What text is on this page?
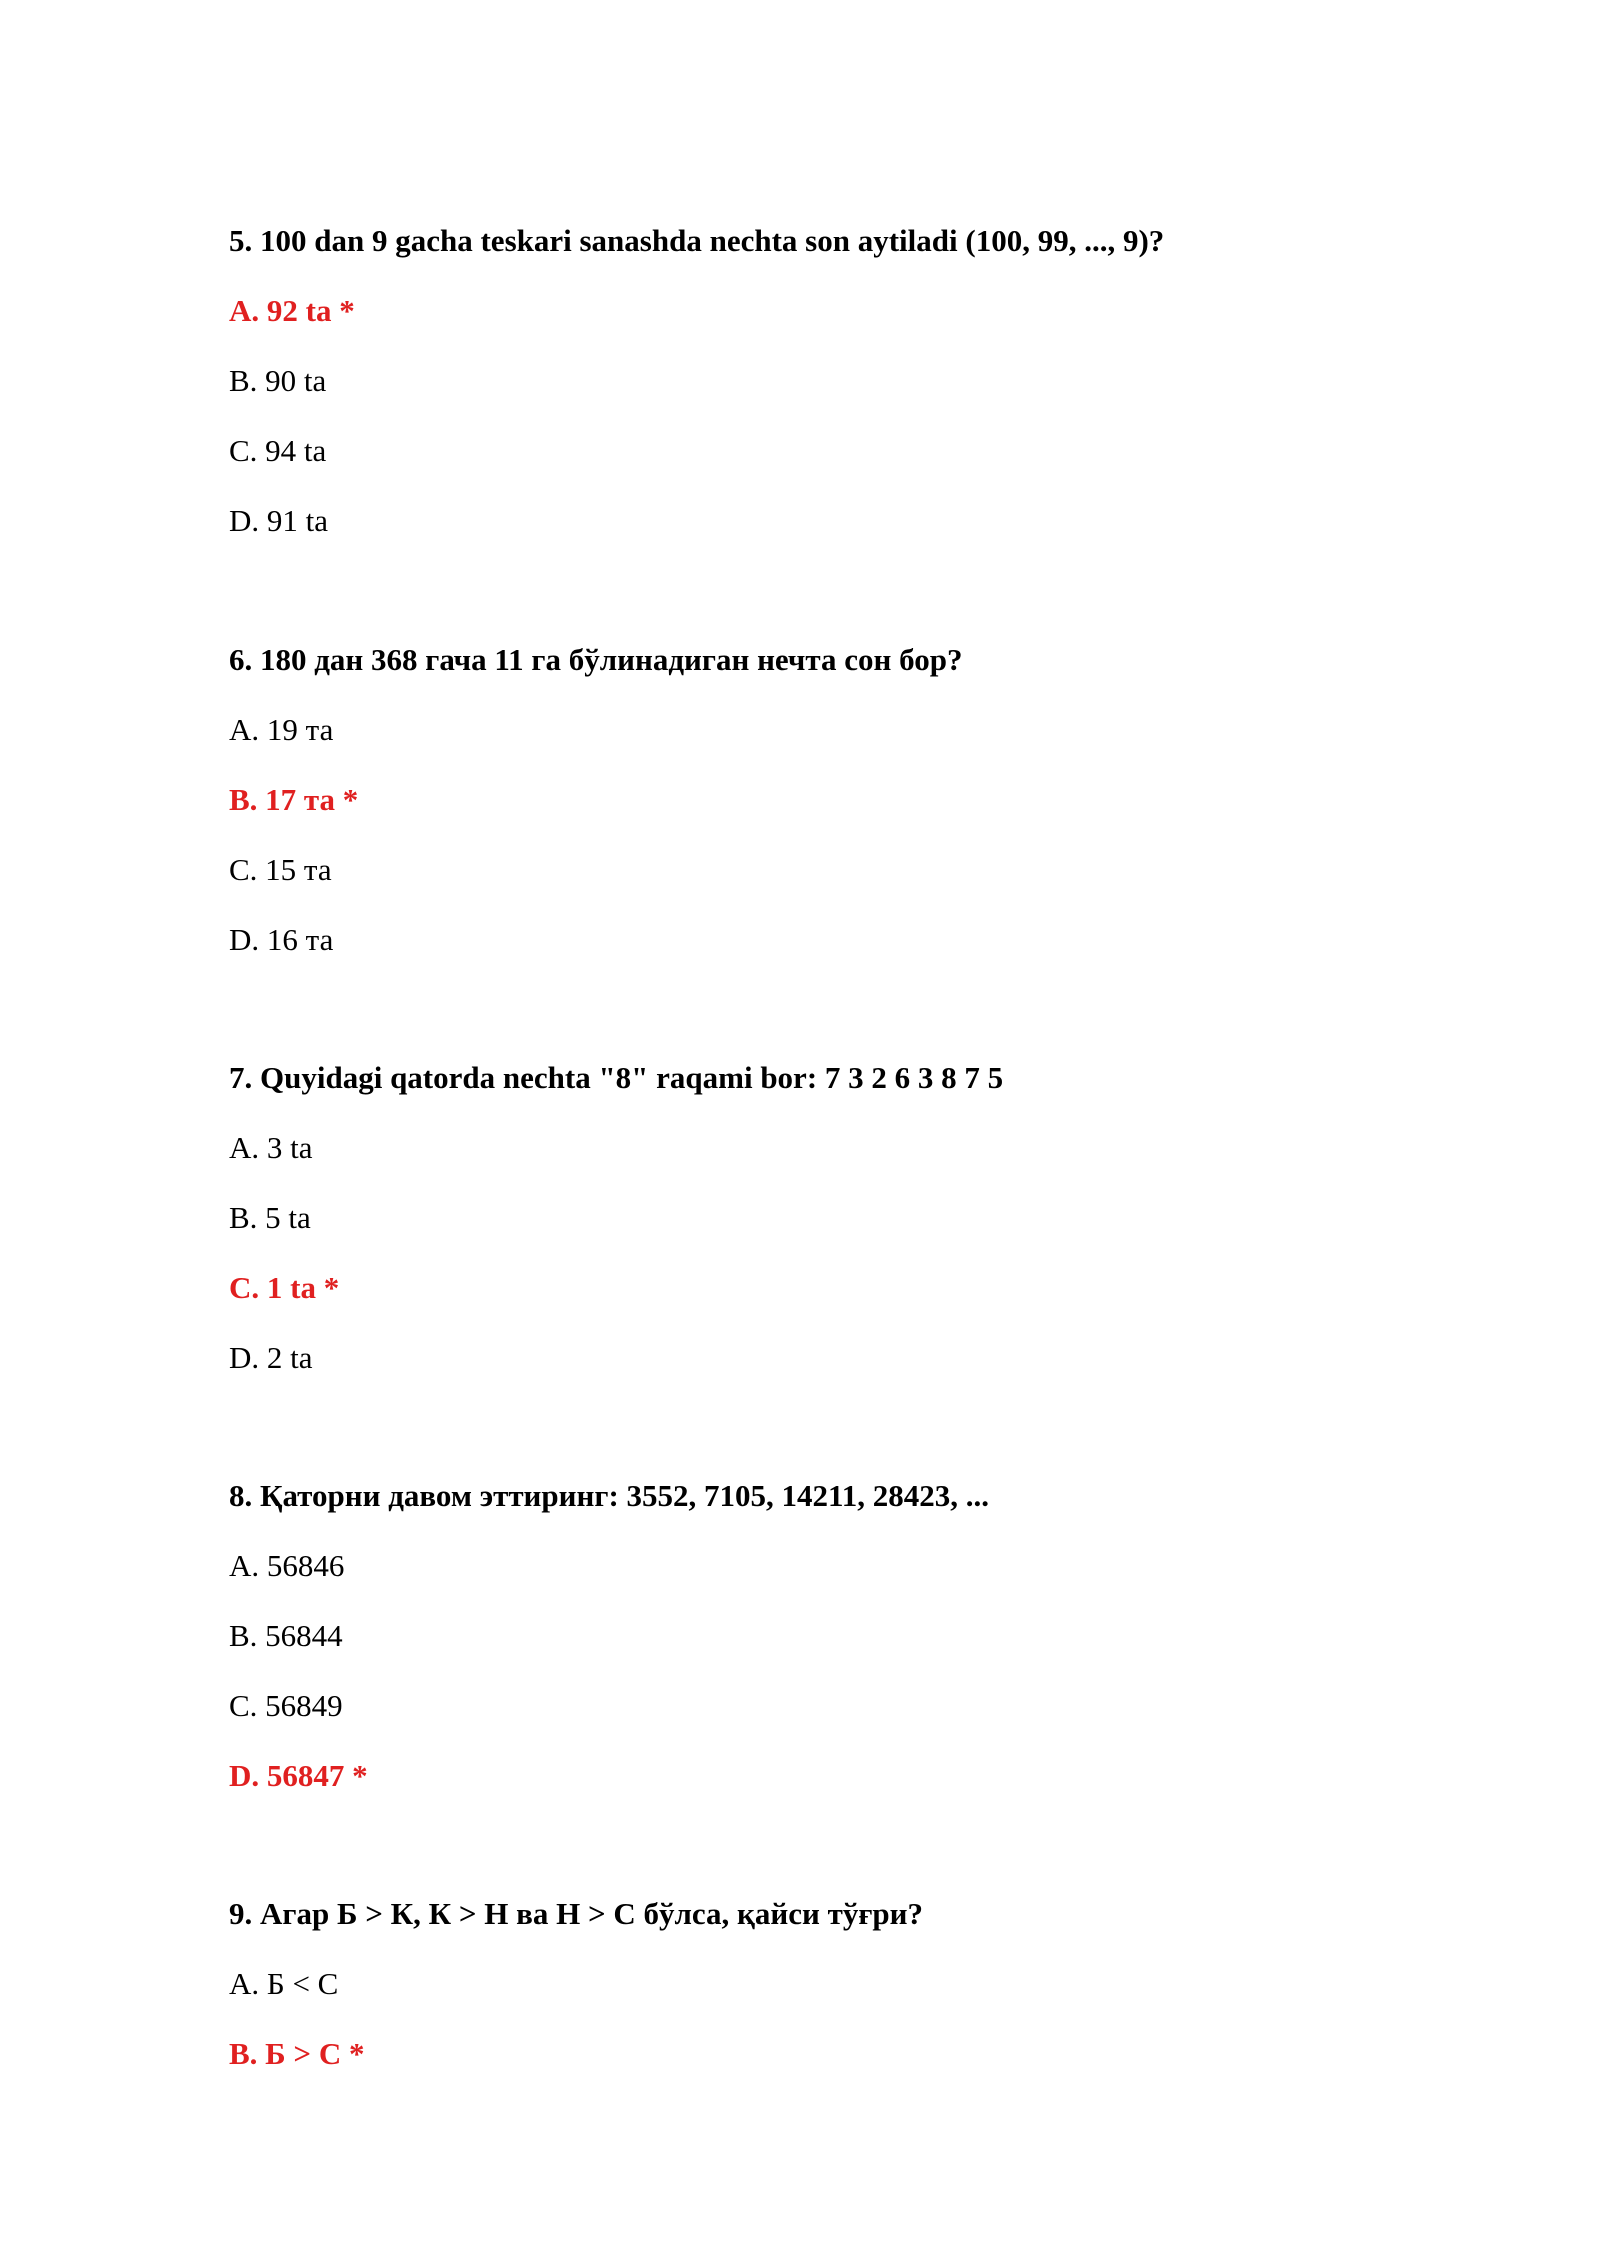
5. 100 dan 9 gacha teskari sanashda nechta son aytiladi (100, 99, ..., 9)?

A. 92 ta *
B. 90 ta
C. 94 ta
D. 91 ta

6. 180 дан 368 гача 11 га бўлинадиган нечта сон бор?

A. 19 та
B. 17 та *
C. 15 та
D. 16 та

7. Quyidagi qatorda nechta "8" raqami bor: 7 3 2 6 3 8 7 5

A. 3 ta
B. 5 ta
C. 1 ta *
D. 2 ta

8. Қаторни давом эттиринг: 3552, 7105, 14211, 28423, ...

A. 56846
B. 56844
C. 56849
D. 56847 *

9. Агар Б > К, К > Н ва Н > С бўлса, қайси тўғри?

A. Б < С
B. Б > С *
